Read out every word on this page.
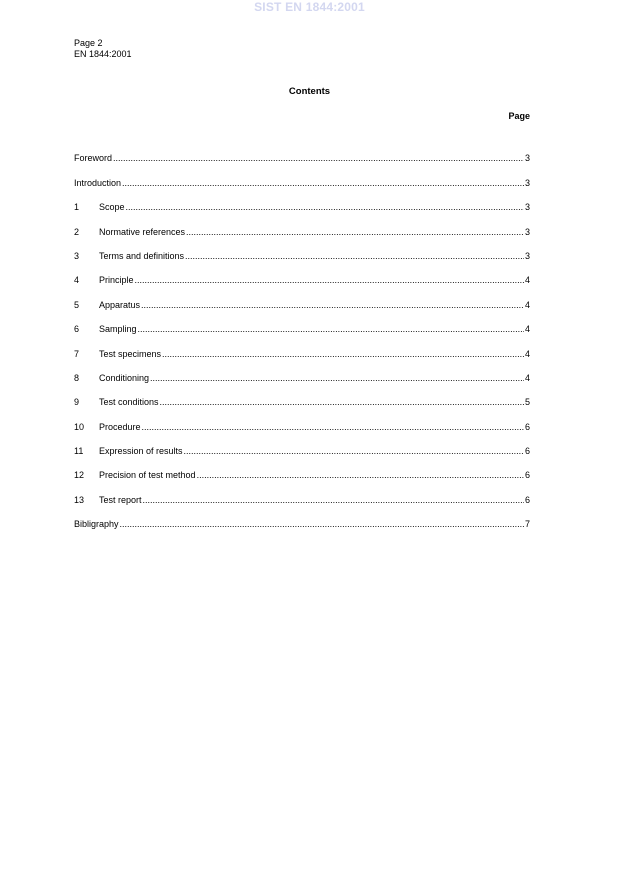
SIST EN 1844:2001
Page 2
EN 1844:2001
Contents
Page
Foreword .....	3
Introduction .....	3
1	Scope .....	3
2	Normative references .....	3
3	Terms and definitions .....	3
4	Principle .....	4
5	Apparatus .....	4
6	Sampling .....	4
7	Test specimens .....	4
8	Conditioning .....	4
9	Test conditions .....	5
10	Procedure .....	6
11	Expression of results .....	6
12	Precision of test method .....	6
13	Test report .....	6
Bibligraphy .....	7
